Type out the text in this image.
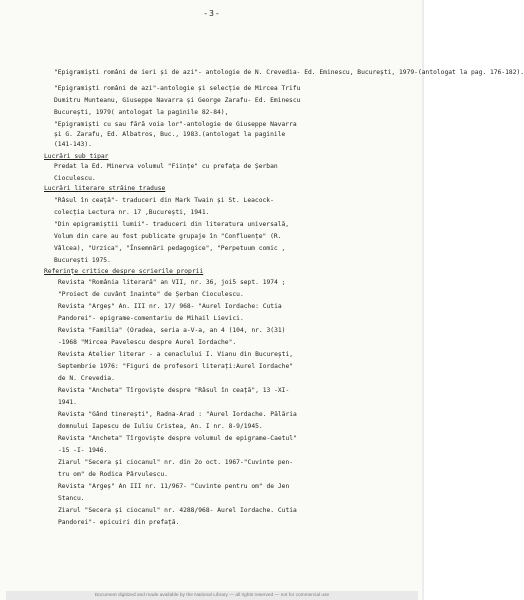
-3-
"Epigramiști români de ieri și de azi"- antologie de N. Crevedia- Ed. Eminescu, București, 1979-(antologat la pag. 176-182).
"Epigramiști români de azi"-antologie și selecție de Mircea Trifu
Dumitru Munteanu, Giuseppe Navarra și George Zarafu- Ed. Eminescu
București, 1979( antologat la paginile 82-84),
"Epigramiști cu sau fără voia lor"-antologie de Giuseppe Navarra
și G. Zarafu, Ed. Albatros, Buc., 1983.(antologat la paginile
(141-143).
Lucrări sub tipar
Predat la Ed. Minerva volumul "Ființe" cu prefața de Șerban
Cioculescu.
Lucrări literare străine traduse
"Râsul în ceață"- traduceri din Mark Twain și St. Leacock-
colecția Lectura nr. 17 ,București, 1941.
"Din epigramiștii lumii"- traduceri din literatura universală,
Volum din care au fost publicate grupaje în "Confluențe" (R.
Vâlcea), "Urzica", "Însemnări pedagogice", "Perpetuum comic ,
București 1975.
Referințe critice despre scrierile proprii
Revista "România literară" an VII, nr. 36, joi5 sept. 1974 ;
"Proiect de cuvânt înainte" de Șerban Cioculescu.
Revista "Argeș" An. III nr. 17/ 968- "Aurel Iordache: Cutia
Pandorei"- epigrame-comentariu de Mihail Lievici.
Revista "Familia" (Oradea, seria a-V-a, an 4 (104, nr. 3(31)
-1968 "Mircea Pavelescu despre Aurel Iordache".
Revista Atelier literar - a cenaclului I. Vianu din București,
Septembrie 1976: "Figuri de profesori literați:Aurel Iordache"
de N. Crevedia.
Revista "Ancheta" Tîrgoviște despre "Râsul în ceață", 13 -XI-
1941.
Revista "Gând tinerești", Radna-Arad : "Aurel Iordache. Pălăria
domnului Iapescu de Iuliu Cristea, An. I nr. 8-9/1945.
Revista "Ancheta" Tîrgoviște despre volumul de epigrame-Caetul"
-15 -I- 1946.
Ziarul "Secera și ciocanul" nr. din 2o oct. 1967-"Cuvinte pen-
tru om" de Rodica Pârvulescu.
Revista "Argeș" An III nr. 11/967- "Cuvinte pentru om" de Jen
Stancu.
Ziarul "Secera și ciocanul" nr. 4288/968- Aurel Iordache. Cutia
Pandorei"- epicuiri din prefață.
Document digitized and made available by the National Library — all rights reserved — not for commercial use
